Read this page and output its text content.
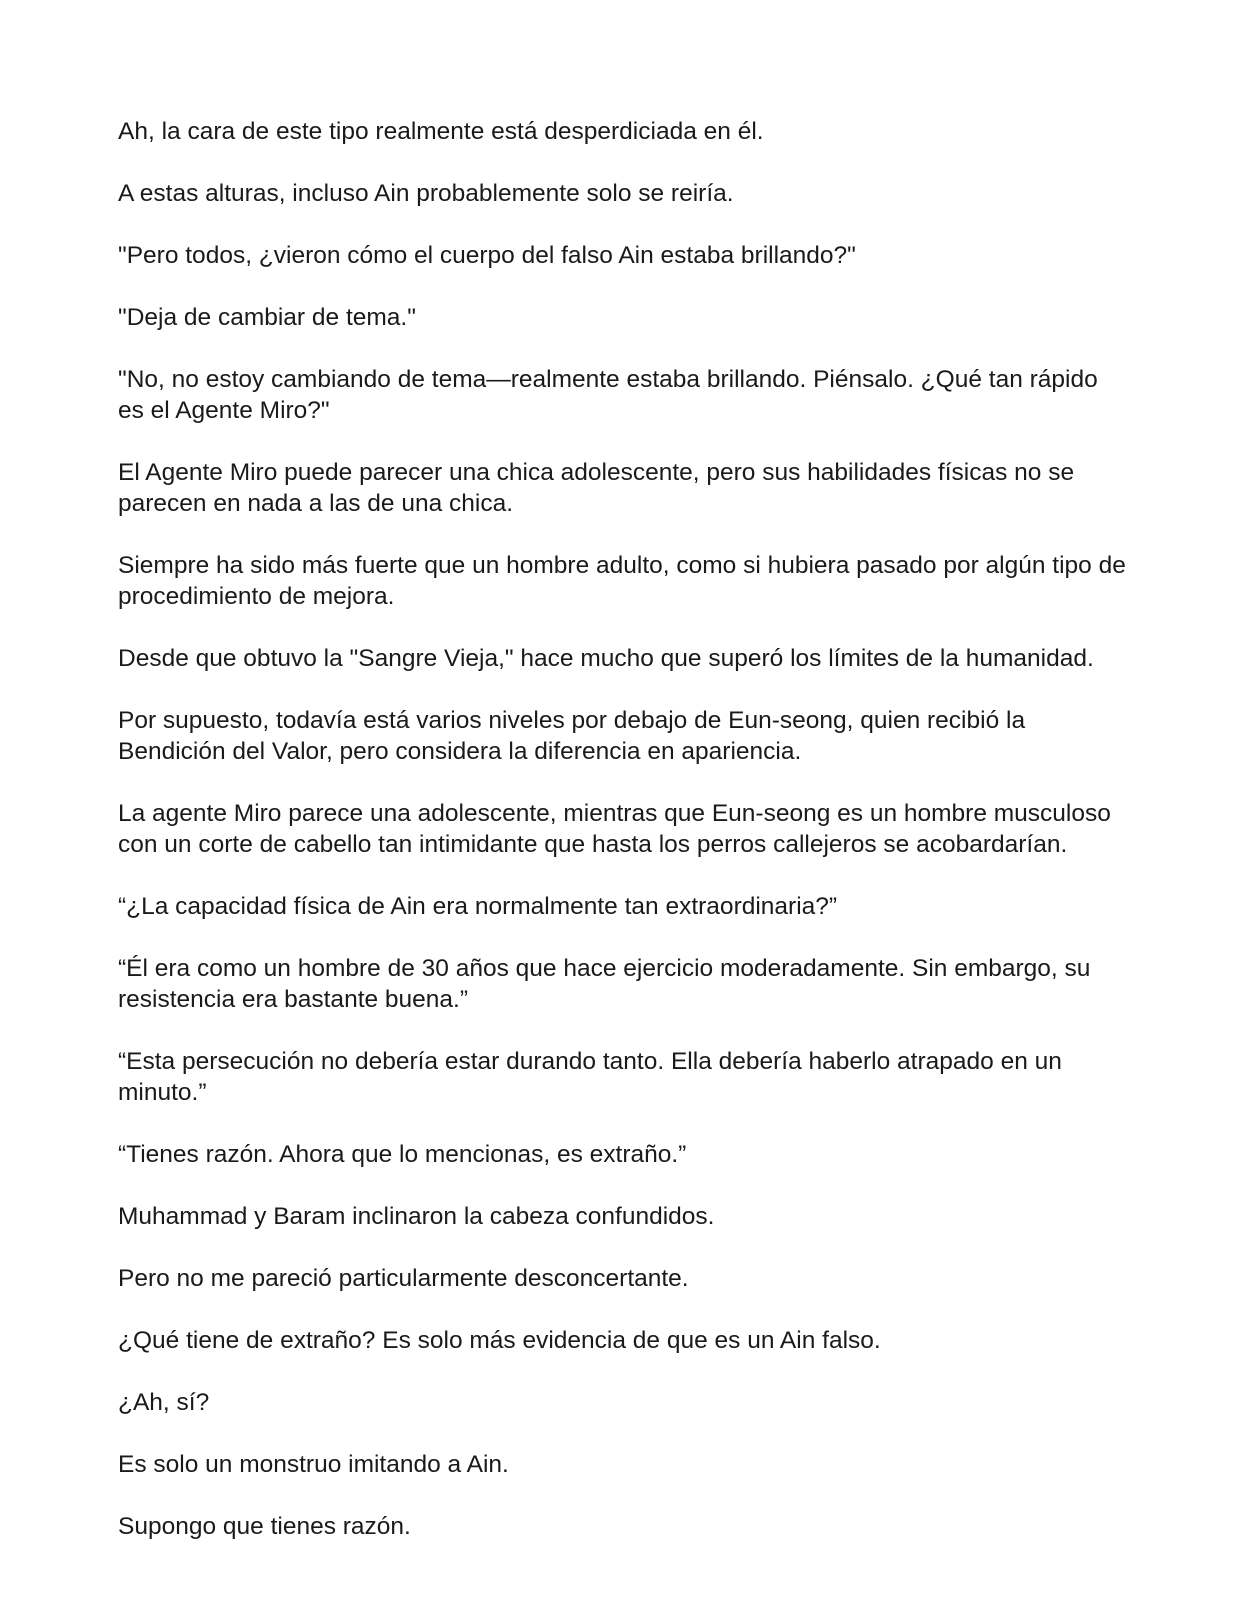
Ah, la cara de este tipo realmente está desperdiciada en él.

A estas alturas, incluso Ain probablemente solo se reiría.

"Pero todos, ¿vieron cómo el cuerpo del falso Ain estaba brillando?"

"Deja de cambiar de tema."

"No, no estoy cambiando de tema—realmente estaba brillando. Piénsalo. ¿Qué tan rápido es el Agente Miro?"

El Agente Miro puede parecer una chica adolescente, pero sus habilidades físicas no se parecen en nada a las de una chica.

Siempre ha sido más fuerte que un hombre adulto, como si hubiera pasado por algún tipo de procedimiento de mejora.

Desde que obtuvo la "Sangre Vieja," hace mucho que superó los límites de la humanidad.

Por supuesto, todavía está varios niveles por debajo de Eun-seong, quien recibió la Bendición del Valor, pero considera la diferencia en apariencia.

La agente Miro parece una adolescente, mientras que Eun-seong es un hombre musculoso con un corte de cabello tan intimidante que hasta los perros callejeros se acobardarían.

“¿La capacidad física de Ain era normalmente tan extraordinaria?”

“Él era como un hombre de 30 años que hace ejercicio moderadamente. Sin embargo, su resistencia era bastante buena.”

“Esta persecución no debería estar durando tanto. Ella debería haberlo atrapado en un minuto.”

“Tienes razón. Ahora que lo mencionas, es extraño.”

Muhammad y Baram inclinaron la cabeza confundidos.

Pero no me pareció particularmente desconcertante.

¿Qué tiene de extraño? Es solo más evidencia de que es un Ain falso.

¿Ah, sí?

Es solo un monstruo imitando a Ain.

Supongo que tienes razón.
